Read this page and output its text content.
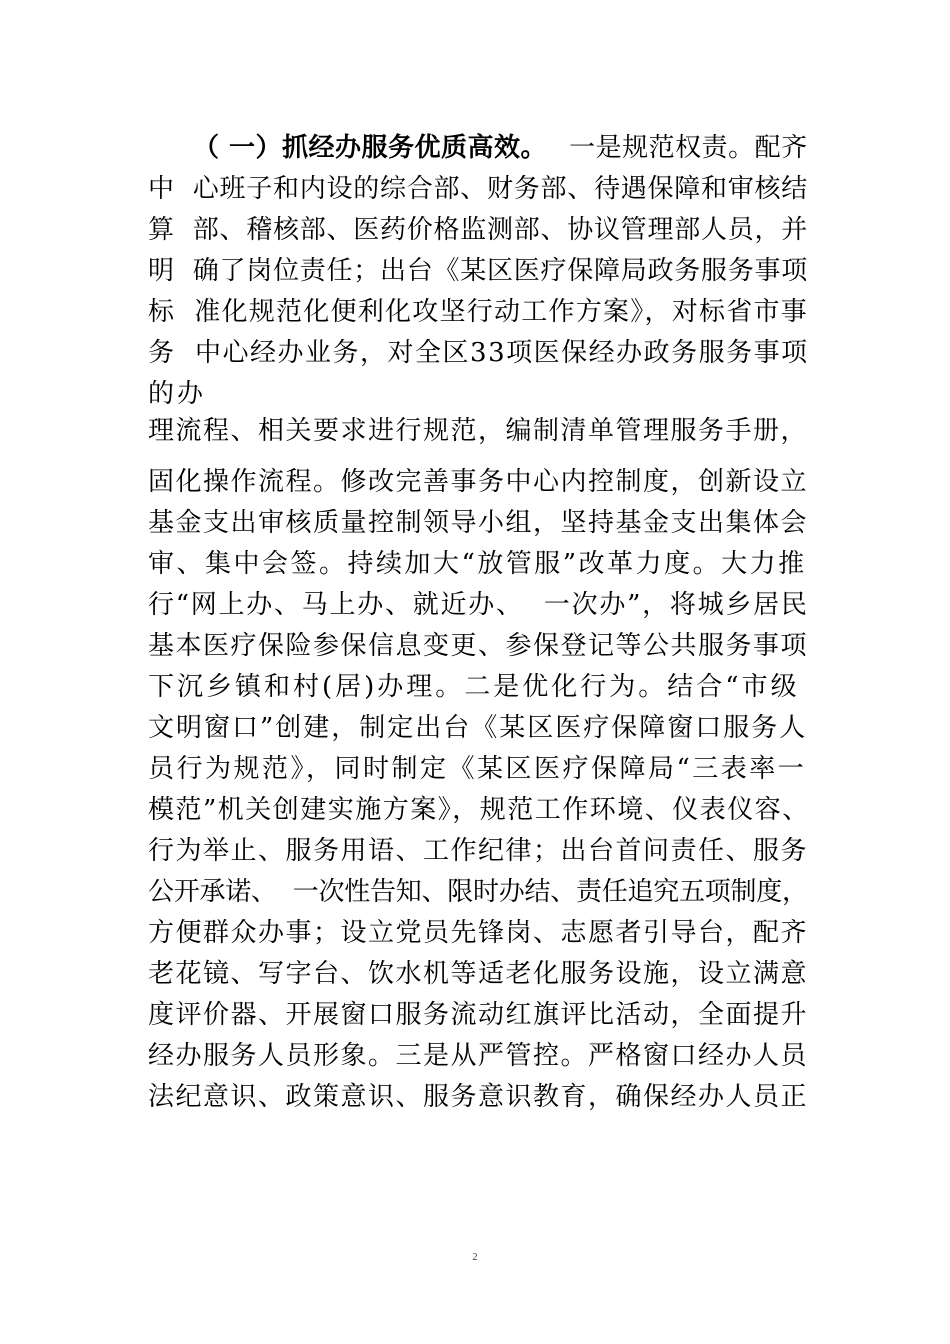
（ 一）抓经办服务优质高效。 一是规范权责。配齐
中  心班子和内设的综合部、财务部、待遇保障和审核结
算  部、稽核部、医药价格监测部、协议管理部人员，并
明  确了岗位责任；出台《某区医疗保障局政务服务事项
标  准化规范化便利化攻坚行动工作方案》，对标省市事
务  中心经办业务，对全区33项医保经办政务服务事项
的办
理流程、相关要求进行规范，编制清单管理服务手册，
固化操作流程。修改完善事务中心内控制度，创新设立
基金支出审核质量控制领导小组，坚持基金支出集体会
审、集中会签。持续加大“放管服”改革力度。大力推
行“网上办、马上办、就近办、  一次办”，将城乡居民
基本医疗保险参保信息变更、参保登记等公共服务事项
下沉乡镇和村(居)办理。二是优化行为。结合“市级
文明窗口”创建，制定出台《某区医疗保障窗口服务人
员行为规范》，同时制定《某区医疗保障局“三表率一
模范”机关创建实施方案》，规范工作环境、仪表仪容、
行为举止、服务用语、工作纪律；出台首问责任、服务
公开承诺、  一次性告知、限时办结、责任追究五项制度，
方便群众办事；设立党员先锋岗、志愿者引导台，配齐
老花镜、写字台、饮水机等适老化服务设施，设立满意
度评价器、开展窗口服务流动红旗评比活动，全面提升
经办服务人员形象。三是从严管控。严格窗口经办人员
法纪意识、政策意识、服务意识教育，确保经办人员正
2
